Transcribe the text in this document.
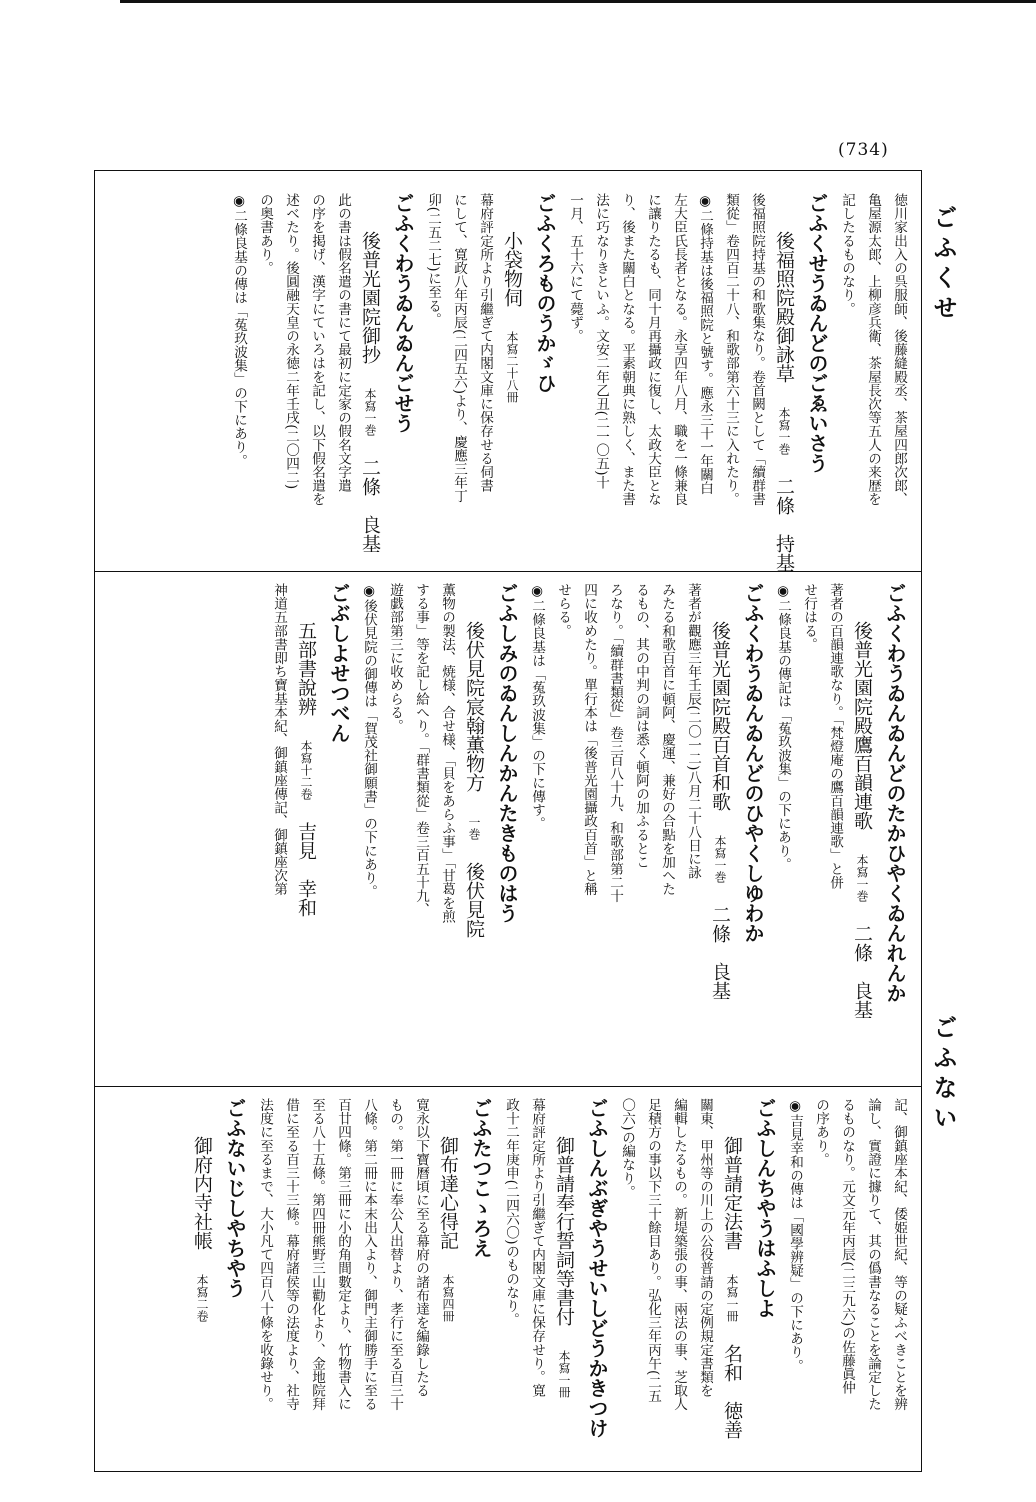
(734)
ごふくせ
ごふない
徳川家出入の呉服師、後藤縫殿丞、茶屋四郎次郎、
亀屋源太郎、上柳彦兵衛、茶屋長次等五人の来歴を
記したるものなり。
ごふくせうゐんどのごゑいさう
後福照院殿御詠草本寫一巻二條　持基
後福照院持基の和歌集なり。卷首闕として「續群書
類從」卷四百二十八、和歌部第六十三に入れたり。
◉二條持基は後福照院と號す。應永三十一年關白
左大臣氏長者となる。永享四年八月、職を一條兼良
に讓りたるも、同十月再攝政に復し、太政大臣とな
り、後また關白となる。平素朝典に熟しく、また書
法に巧なりきといふ。文安二年乙丑(二一〇五)十
一月、五十六にて薨ず。
ごふくろものうかゞひ
小袋物伺本寫二十八冊
幕府評定所より引繼ぎて内閣文庫に保存せる伺書
にして、寛政八年丙辰(二四五六)より、慶應三年丁
卯(二五二七)に至る。
ごふくわうゐんゐんごせう
後普光園院御抄本寫一巻二條　良基
此の書は假名遣の書にて最初に定家の假名文字遣
の序を掲げ、漢字にていろはを記し、以下假名遣を
述べたり。後圓融天皇の永徳二年壬戌(二〇四二)
の奥書あり。
◉二條良基の傳は「菟玖波集」の下にあり。
ごふくわうゐんゐんどのたかひやくゐんれんか
後普光園院殿鷹百韻連歌本寫一巻二條　良基
著者の百韻連歌なり。「梵燈庵の鷹百韻連歌」と併
せ行はる。
◉二條良基の傳記は「菟玖波集」の下にあり。
ごふくわうゐんゐんどのひやくしゆわか
後普光園院殿百首和歌本寫一巻二條　良基
著者が觀應三年壬辰(二〇一二)八月二十八日に詠
みたる和歌百首に頓阿、慶運、兼好の合點を加へた
るもの、其の中判の詞は悉く頓阿の加ふるとこ
ろなり。「續群書類從」卷三百八十九、和歌部第二十
四に收めたり。單行本は「後普光園攝政百首」と稱
せらる。
◉二條良基は「菟玖波集」の下に傳す。
ごふしみのゐんしんかんたきものはう
後伏見院宸翰薫物方一巻後伏見院
薫物の製法、焼様、合せ様、「貝をあらふ事」「甘葛を煎
する事」等を記し給へり。「群書類從」卷三百五十九、
遊戯部第三に收めらる。
◉後伏見院の御傳は「賀茂社御願書」の下にあり。
ごぶしよせつべん
五部書說辨本寫十二卷吉見　幸和
神道五部書即ち寶基本紀、御鎮座傳記、御鎮座次第
記、御鎮座本紀、倭姫世紀、等の疑ふべきことを辨
論し、實證に據りて、其の僞書なることを論定した
るものなり。元文元年丙辰(二三九六)の佐藤眞仲
の序あり。
◉吉見幸和の傳は「國學辨疑」の下にあり。
ごふしんちやうはふしよ
御普請定法書本寫一冊名和　徳善
關東、甲州等の川上の公役普請の定例規定書類を
編輯したるもの。新堤築張の事、兩法の事、芝取人
足積方の事以下三十餘目あり。弘化三年丙午(二五
〇六)の編なり。
ごふしんぶぎやうせいしどうかきつけ
御普請奉行誓詞等書付本寫一冊
幕府評定所より引繼ぎて内閣文庫に保存せり。寛
政十二年庚申(二四六〇)のものなり。
ごふたつこゝろえ
御布達心得記本寫四冊
寛永以下寶曆頃に至る幕府の諸布達を編錄したる
もの。第一冊に奉公人出替より、孝行に至る百三十
八條。第二冊に本末出入より、御門主御勝手に至る
百廿四條。第三冊に小的角間數定より、竹物書入に
至る八十五條。第四冊熊野三山勸化より、金地院拜
借に至る百三十三條。幕府諸侯等の法度より、社寺
法度に至るまで、大小凡て四百八十條を收錄せり。
ごふないじしやちやう
御府内寺社帳本寫二卷
